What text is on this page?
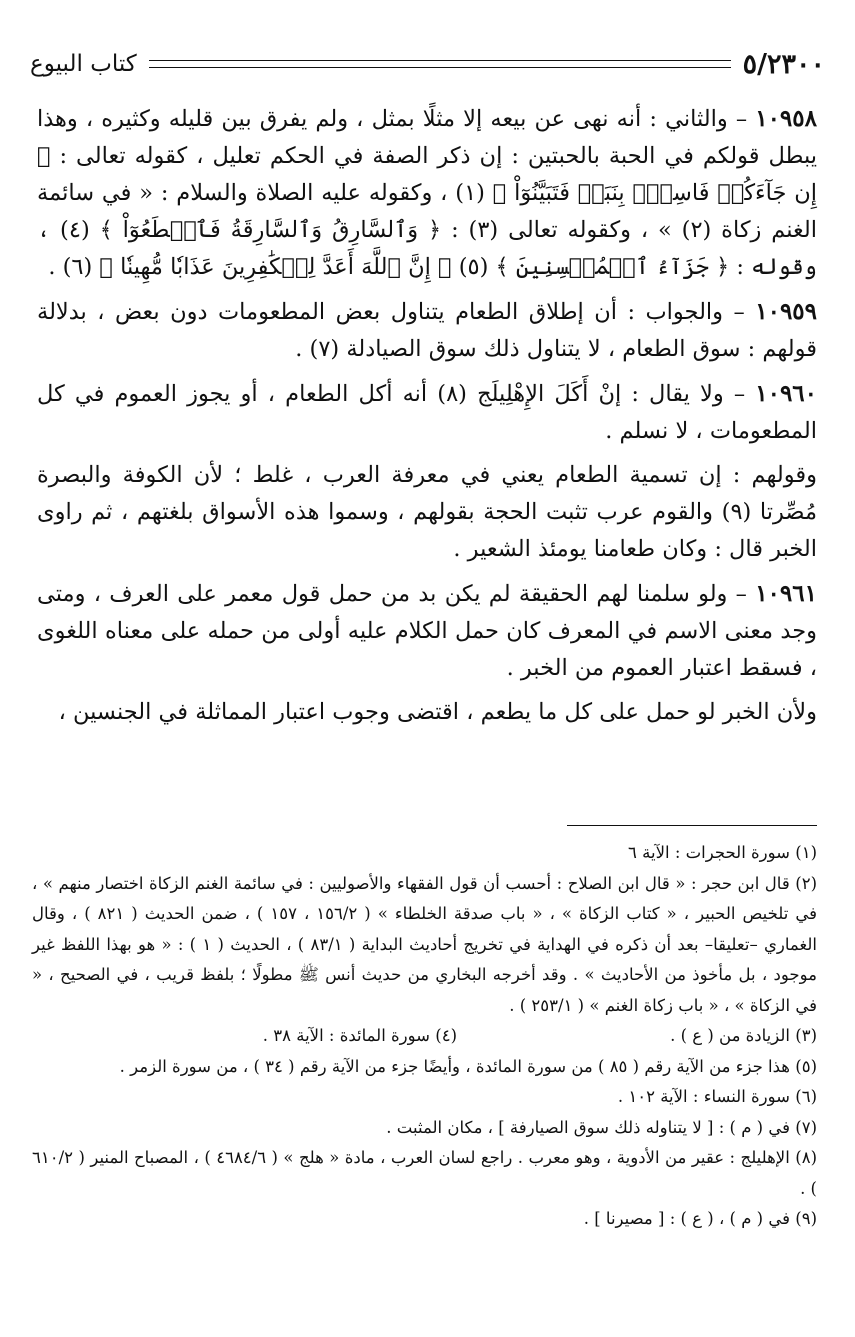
٥/٢٣٠٠
كتاب البيوع

١٠٩٥٨ – والثاني : أنه نهى عن بيعه إلا مثلًا بمثل ، ولم يفرق بين قليله وكثيره ، وهذا يبطل قولكم في الحبة بالحبتين : إن ذكر الصفة في الحكم تعليل ، كقوله تعالى : ﴿ إِن جَآءَكُمۡ فَاسِقُۢ بِنَبَإٖ فَتَبَيَّنُوٓاْ ﴾ (١) ، وكقوله عليه الصلاة والسلام : « في سائمة الغنم زكاة (٢) » ، وكقوله تعالى (٣) : ﴿ وَٱلسَّارِقُ وَٱلسَّارِقَةُ فَٱقۡطَعُوٓاْ ﴾ (٤) ، وقوله : ﴿ جَزَآءُ ٱلۡمُحۡسِنِينَ ﴾ (٥) ﴿ إِنَّ ٱللَّهَ أَعَدَّ لِلۡكَٰفِرِينَ عَذَابٗا مُّهِينٗا ﴾ (٦) .

١٠٩٥٩ – والجواب : أن إطلاق الطعام يتناول بعض المطعومات دون بعض ، بدلالة قولهم : سوق الطعام ، لا يتناول ذلك سوق الصيادلة (٧) .

١٠٩٦٠ – ولا يقال : إنْ أَكَلَ الإِهْلِيلَج (٨) أنه أكل الطعام ، أو يجوز العموم في كل المطعومات ، لا نسلم .

وقولهم : إن تسمية الطعام يعني في معرفة العرب ، غلط ؛ لأن الكوفة والبصرة مُصِّرتا (٩) والقوم عرب تثبت الحجة بقولهم ، وسموا هذه الأسواق بلغتهم ، ثم راوى الخبر قال : وكان طعامنا يومئذ الشعير .

١٠٩٦١ – ولو سلمنا لهم الحقيقة لم يكن بد من حمل قول معمر على العرف ، ومتى وجد معنى الاسم في المعرف كان حمل الكلام عليه أولى من حمله على معناه اللغوى ، فسقط اعتبار العموم من الخبر .

ولأن الخبر لو حمل على كل ما يطعم ، اقتضى وجوب اعتبار المماثلة في الجنسين ،

(١) سورة الحجرات : الآية ٦

(٢) قال ابن حجر : « قال ابن الصلاح : أحسب أن قول الفقهاء والأصوليين : في سائمة الغنم الزكاة اختصار منهم » ، في تلخيص الحبير ، « كتاب الزكاة » ، « باب صدقة الخلطاء » ( ١٥٦/٢ ، ١٥٧ ) ، ضمن الحديث ( ٨٢١ ) ، وقال الغماري –تعليقا– بعد أن ذكره في الهداية في تخريج أحاديث البداية ( ٨٣/١ ) ، الحديث ( ١ ) : « هو بهذا اللفظ غير موجود ، بل مأخوذ من الأحاديث » . وقد أخرجه البخاري من حديث أنس ﷺ مطولًا ؛ بلفظ قريب ، في الصحيح ، « في الزكاة » ، « باب زكاة الغنم » ( ٢٥٣/١ ) .

(٣) الزيادة من ( ع ) .
(٤) سورة المائدة : الآية ٣٨ .

(٥) هذا جزء من الآية رقم ( ٨٥ ) من سورة المائدة ، وأيضًا جزء من الآية رقم ( ٣٤ ) ، من سورة الزمر .

(٦) سورة النساء : الآية ١٠٢ .

(٧) في ( م ) : [ لا يتناوله ذلك سوق الصيارفة ] ، مكان المثبت .

(٨) الإهليلج : عقير من الأدوية ، وهو معرب . راجع لسان العرب ، مادة « هلج » ( ٤٦٨٤/٦ ) ، المصباح المنير ( ٦١٠/٢ ) .

(٩) في ( م ) ، ( ع ) : [ مصيرنا ] .
